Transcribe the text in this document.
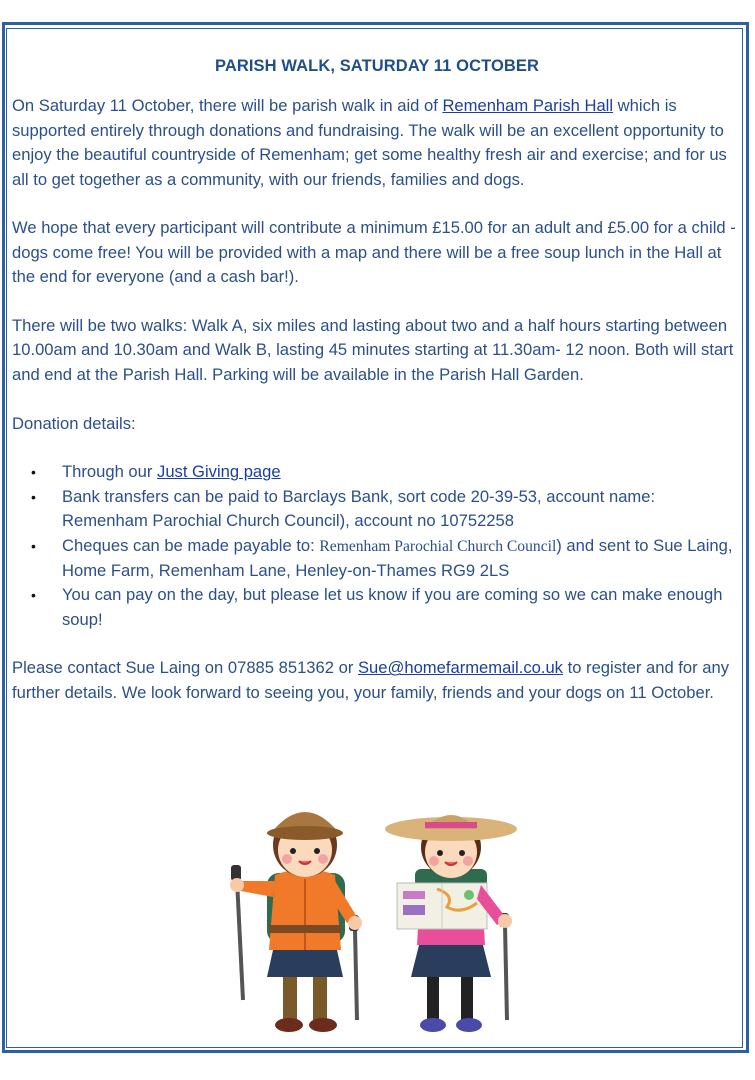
PARISH WALK, SATURDAY 11 OCTOBER

On Saturday 11 October, there will be parish walk in aid of Remenham Parish Hall which is supported entirely through donations and fundraising. The walk will be an excellent opportunity to enjoy the beautiful countryside of Remenham; get some healthy fresh air and exercise; and for us all to get together as a community, with our friends, families and dogs.

We hope that every participant will contribute a minimum £15.00 for an adult and £5.00 for a child - dogs come free! You will be provided with a map and there will be a free soup lunch in the Hall at the end for everyone (and a cash bar!).

There will be two walks: Walk A, six miles and lasting about two and a half hours starting between 10.00am and 10.30am and Walk B, lasting 45 minutes starting at 11.30am- 12 noon. Both will start and end at the Parish Hall. Parking will be available in the Parish Hall Garden.

Donation details:

• Through our Just Giving page
• Bank transfers can be paid to Barclays Bank, sort code 20-39-53, account name: Remenham Parochial Church Council), account no 10752258
• Cheques can be made payable to: Remenham Parochial Church Council) and sent to Sue Laing, Home Farm, Remenham Lane, Henley-on-Thames RG9 2LS
• You can pay on the day, but please let us know if you are coming so we can make enough soup!

Please contact Sue Laing on 07885 851362 or Sue@homefarmemail.co.uk to register and for any further details. We look forward to seeing you, your family, friends and your dogs on 11 October.
